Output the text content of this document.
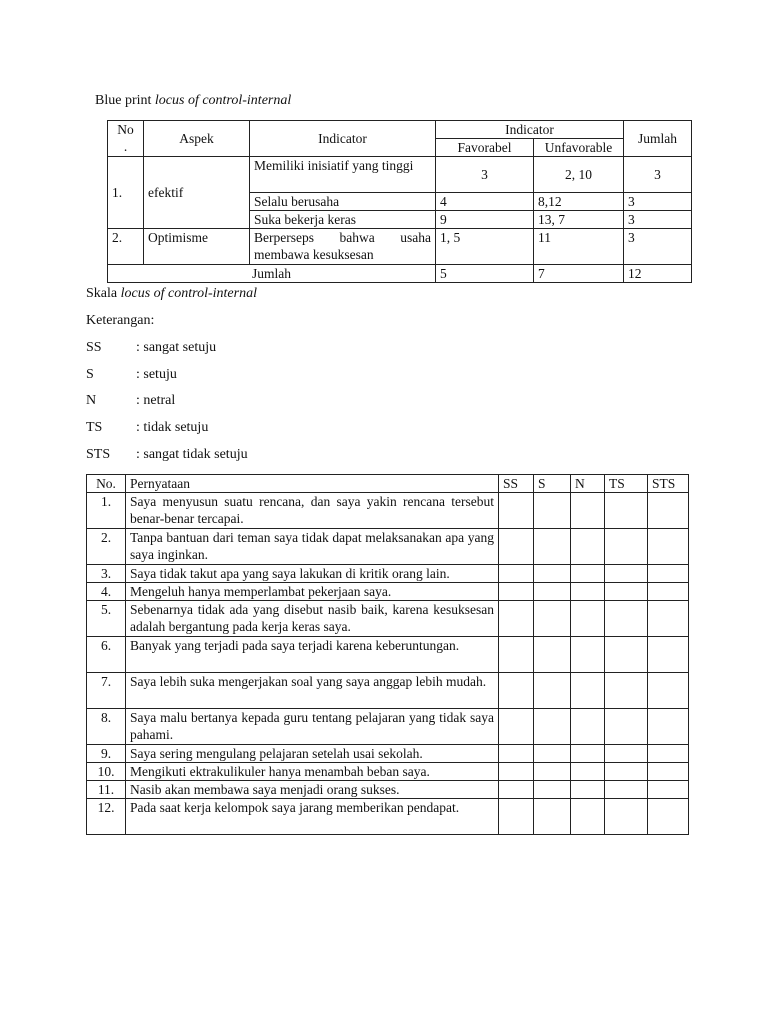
Blue print locus of control-internal
No
.	Aspek	Indicator	Indicator		Jumlah
			Favorabel	Unfavorable	
1.	efektif	Memiliki inisiatif yang tinggi	3	2, 10	3
		Selalu berusaha	4	8,12	3
		Suka bekerja keras	9	13, 7	3
2.	Optimisme	Berperseps bahwa usaha membawa kesuksesan	1, 5	11	3
Jumlah			5	7	12
Skala locus of control-internal
Keterangan:
SS : sangat setuju
S	: setuju
N	: netral
TS : tidak setuju
STS : sangat tidak setuju
No.	Pernyataan	SS	S	N	TS	STS
1.	Saya menyusun suatu rencana, dan saya yakin rencana tersebut benar-benar tercapai.					
2.	Tanpa bantuan dari teman saya tidak dapat melaksanakan apa yang saya inginkan.					
3.	Saya tidak takut apa yang saya lakukan di kritik orang lain.					
4.	Mengeluh hanya memperlambat pekerjaan saya.					
5.	Sebenarnya tidak ada yang disebut nasib baik, karena kesuksesan adalah bergantung pada kerja keras saya.					
6.	Banyak yang terjadi pada saya terjadi karena keberuntungan.					
7.	Saya lebih suka mengerjakan soal yang saya anggap lebih mudah.					
8.	Saya malu bertanya kepada guru tentang pelajaran yang tidak saya pahami.					
9.	Saya sering mengulang pelajaran setelah usai sekolah.					
10.	Mengikuti ektrakulikuler hanya menambah beban saya.					
11.	Nasib akan membawa saya menjadi orang sukses.					
12.	Pada saat kerja kelompok saya jarang memberikan pendapat.					
